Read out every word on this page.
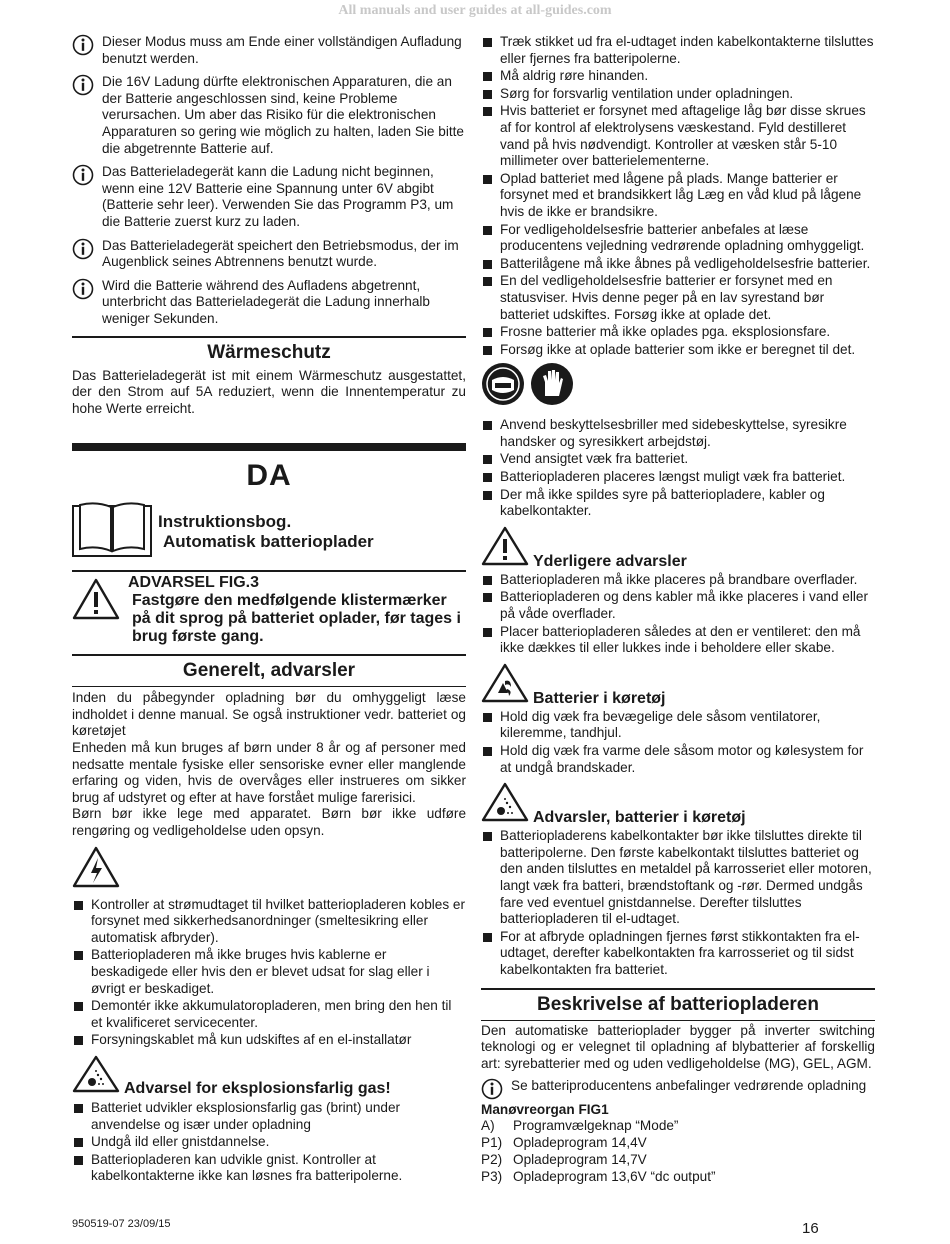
All manuals and user guides at all-guides.com
Dieser Modus muss am Ende einer vollständigen Aufladung benutzt werden.
Die 16V Ladung dürfte elektronischen Apparaturen, die an der Batterie angeschlossen sind, keine Probleme verursachen. Um aber das Risiko für die elektronischen Apparaturen so gering wie möglich zu halten, laden Sie bitte die abgetrennte Batterie auf.
Das Batterieladegerät kann die Ladung nicht beginnen, wenn eine 12V Batterie eine Spannung unter 6V abgibt (Batterie sehr leer). Verwenden Sie das Programm P3, um die Batterie zuerst kurz zu laden.
Das Batterieladegerät speichert den Betriebsmodus, der im Augenblick seines Abtrennens benutzt wurde.
Wird die Batterie während des Aufladens abgetrennt, unterbricht das Batterieladegerät die Ladung innerhalb weniger Sekunden.
Wärmeschutz

Das Batterieladegerät ist mit einem Wärmeschutz ausgestattet, der den Strom auf 5A reduziert, wenn die Innentemperatur zu hohe Werte erreicht.

DA
Instruktionsbog.
Automatisk batterioplader
ADVARSEL FIG.3
Fastgøre den medfølgende klistermærker på dit sprog på batteriet oplader, før tages i brug første gang.
Generelt, advarsler

Inden du påbegynder opladning bør du omhyggeligt læse indholdet i denne manual. Se også instruktioner vedr. batteriet og køretøjet

Enheden må kun bruges af børn under 8 år og af personer med nedsatte mentale fysiske eller sensoriske evner eller manglende erfaring og viden, hvis de overvåges eller instrueres om sikker brug af udstyret og efter at have forstået mulige farerisici.

Børn bør ikke lege med apparatet. Børn bør ikke udføre rengøring og vedligeholdelse uden opsyn.

Kontroller at strømudtaget til hvilket batteriopladeren kobles er forsynet med sikkerhedsanordninger (smeltesikring eller automatisk afbryder).
Batteriopladeren må ikke bruges hvis kablerne er beskadigede eller hvis den er blevet udsat for slag eller i øvrigt er beskadiget.
Demontér ikke akkumulatoropladeren, men bring den hen til et kvalificeret servicecenter.
Forsyningskablet må kun udskiftes af en el-installatør
Advarsel for eksplosionsfarlig gas!
Batteriet udvikler eksplosionsfarlig gas (brint) under anvendelse og især under opladning
Undgå ild eller gnistdannelse.
Batteriopladeren kan udvikle gnist. Kontroller at kabelkontakterne ikke kan løsnes fra batteripolerne.
Træk stikket ud fra el-udtaget inden kabelkontakterne tilsluttes eller fjernes fra batteripolerne.
Må aldrig røre hinanden.
Sørg for forsvarlig ventilation under opladningen.
Hvis batteriet er forsynet med aftagelige låg bør disse skrues af for kontrol af elektrolysens væskestand. Fyld destilleret vand på hvis nødvendigt. Kontroller at væsken står 5-10 millimeter over batterielementerne.
Oplad batteriet med lågene på plads. Mange batterier er forsynet med et brandsikkert låg Læg en våd klud på lågene hvis de ikke er brandsikre.
For vedligeholdelsesfrie batterier anbefales at læse producentens vejledning vedrørende opladning omhyggeligt.
Batterilågene må ikke åbnes på vedligeholdelsesfrie batterier.
En del vedligeholdelsesfrie batterier er forsynet med en statusviser. Hvis denne peger på en lav syrestand bør batteriet udskiftes. Forsøg ikke at oplade det.
Frosne batterier må ikke oplades pga. eksplosionsfare.
Forsøg ikke at oplade batterier som ikke er beregnet til det.
Anvend beskyttelsesbriller med sidebeskyttelse, syresikre handsker og syresikkert arbejdstøj.
Vend ansigtet væk fra batteriet.
Batteriopladeren placeres længst muligt væk fra batteriet.
Der må ikke spildes syre på batteriopladere, kabler og kabelkontakter.
Yderligere advarsler
Batteriopladeren må ikke placeres på brandbare overflader.
Batteriopladeren og dens kabler må ikke placeres i vand eller på våde overflader.
Placer batteriopladeren således at den er ventileret: den må ikke dækkes til eller lukkes inde i beholdere eller skabe.
Batterier i køretøj
Hold dig væk fra bevægelige dele såsom ventilatorer, kileremme, tandhjul.
Hold dig væk fra varme dele såsom motor og kølesystem for at undgå brandskader.
Advarsler, batterier i køretøj
Batteriopladerens kabelkontakter bør ikke tilsluttes direkte til batteripolerne. Den første kabelkontakt tilsluttes batteriet og den anden tilsluttes en metaldel på karrosseriet eller motoren, langt væk fra batteri, brændstoftank og -rør. Dermed undgås fare ved eventuel gnistdannelse. Derefter tilsluttes batteriopladeren til el-udtaget.
For at afbryde opladningen fjernes først stikkontakten fra el-udtaget, derefter kabelkontakten fra karrosseriet og til sidst kabelkontakten fra batteriet.
Beskrivelse af batteriopladeren

Den automatiske batterioplader bygger på inverter switching teknologi og er velegnet til opladning af blybatterier af forskellig art: syrebatterier med og uden vedligeholdelse (MG), GEL, AGM.

Se batteriproducentens anbefalinger vedrørende opladning
Manøvreorgan FIG1
A)	Programvælgeknap “Mode”
P1) Opladeprogram 14,4V
P2) Opladeprogram 14,7V
P3) Opladeprogram 13,6V “dc output”
950519-07 23/09/15	16
